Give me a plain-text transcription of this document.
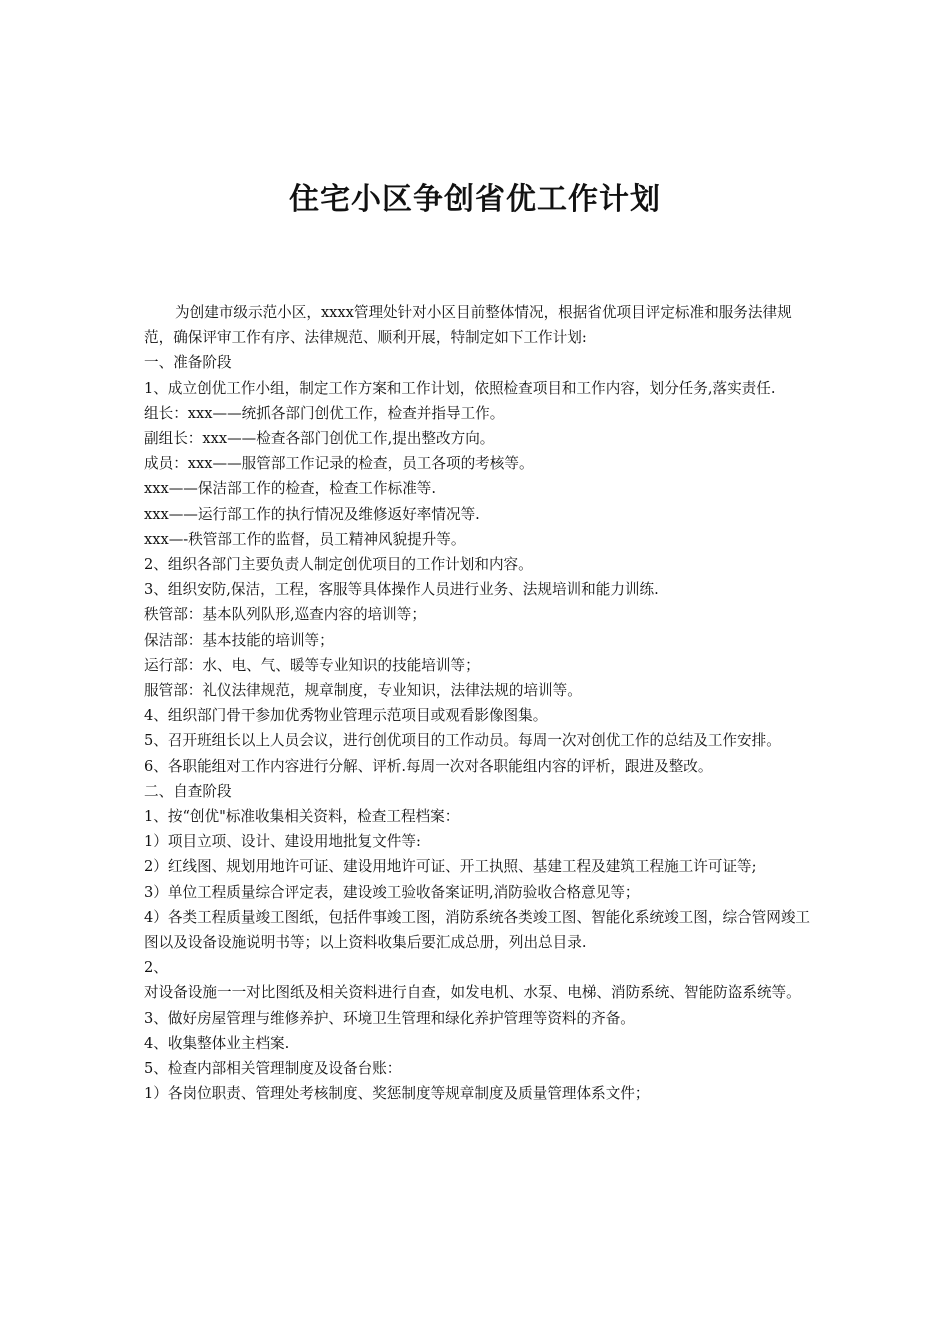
住宅小区争创省优工作计划

为创建市级示范小区，xxxx管理处针对小区目前整体情况，根据省优项目评定标准和服务法律规范，确保评审工作有序、法律规范、顺利开展，特制定如下工作计划:

一、准备阶段

1、成立创优工作小组，制定工作方案和工作计划，依照检查项目和工作内容，划分任务,落实责任.

组长：xxx——统抓各部门创优工作，检查并指导工作。

副组长：xxx——检查各部门创优工作,提出整改方向。

成员：xxx——服管部工作记录的检查，员工各项的考核等。

xxx——保洁部工作的检查，检查工作标准等.

xxx——运行部工作的执行情况及维修返好率情况等.

xxx—-秩管部工作的监督，员工精神风貌提升等。

2、组织各部门主要负责人制定创优项目的工作计划和内容。

3、组织安防,保洁，工程，客服等具体操作人员进行业务、法规培训和能力训练.

秩管部：基本队列队形,巡查内容的培训等；

保洁部：基本技能的培训等；

运行部：水、电、气、暖等专业知识的技能培训等；

服管部：礼仪法律规范，规章制度，专业知识，法律法规的培训等。

4、组织部门骨干参加优秀物业管理示范项目或观看影像图集。

5、召开班组长以上人员会议，进行创优项目的工作动员。每周一次对创优工作的总结及工作安排。

6、各职能组对工作内容进行分解、评析.每周一次对各职能组内容的评析，跟进及整改。

二、自查阶段

1、按“创优"标准收集相关资料，检查工程档案：

1）项目立项、设计、建设用地批复文件等:

2）红线图、规划用地许可证、建设用地许可证、开工执照、基建工程及建筑工程施工许可证等;

3）单位工程质量综合评定表，建设竣工验收备案证明,消防验收合格意见等；

4）各类工程质量竣工图纸，包括件事竣工图，消防系统各类竣工图、智能化系统竣工图，综合管网竣工图以及设备设施说明书等；以上资料收集后要汇成总册，列出总目录.

2、

对设备设施一一对比图纸及相关资料进行自查，如发电机、水泵、电梯、消防系统、智能防盗系统等。

3、做好房屋管理与维修养护、环境卫生管理和绿化养护管理等资料的齐备。

4、收集整体业主档案.

5、检查内部相关管理制度及设备台账：

1）各岗位职责、管理处考核制度、奖惩制度等规章制度及质量管理体系文件；
